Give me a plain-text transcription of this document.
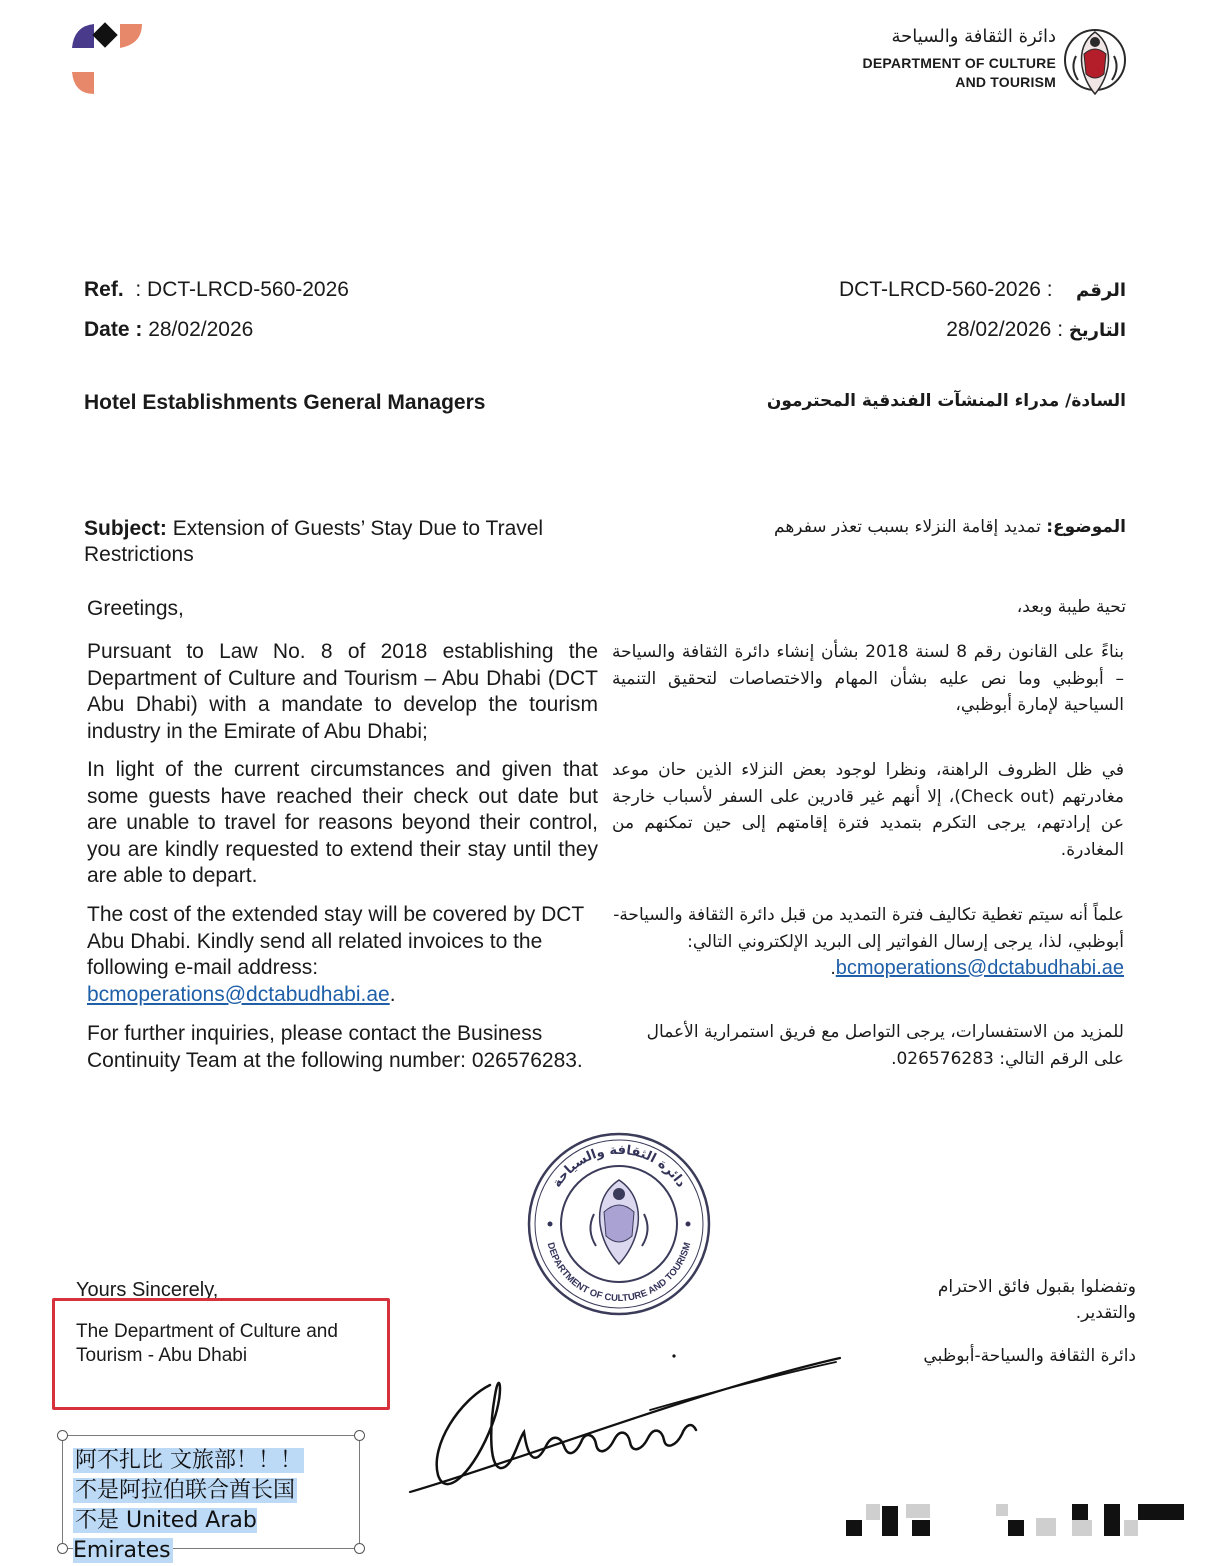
دائرة الثقافة والسياحة
DEPARTMENT OF CULTURE
AND TOURISM
Ref.  : DCT-LRCD-560-2026
Date : 28/02/2026
DCT-LRCD-560-2026 :    الرقم
28/02/2026 : التاريخ
Hotel Establishments General Managers	السادة/ مدراء المنشآت الفندقية المحترمون
Subject: Extension of Guests’ Stay Due to Travel Restrictions
الموضوع: تمديد إقامة النزلاء بسبب تعذر سفرهم
Greetings,	تحية طيبة وبعد،
Pursuant to Law No. 8 of 2018 establishing the Department of Culture and Tourism – Abu Dhabi (DCT Abu Dhabi) with a mandate to develop the tourism industry in the Emirate of Abu Dhabi;
بناءً على القانون رقم 8 لسنة 2018 بشأن إنشاء دائرة الثقافة والسياحة – أبوظبي وما نص عليه بشأن المهام والاختصاصات لتحقيق التنمية السياحية لإمارة أبوظبي،
In light of the current circumstances and given that some guests have reached their check out date but are unable to travel for reasons beyond their control, you are kindly requested to extend their stay until they are able to depart.
في ظل الظروف الراهنة، ونظرا لوجود بعض النزلاء الذين حان موعد مغادرتهم (Check out)، إلا أنهم غير قادرين على السفر لأسباب خارجة عن إرادتهم، يرجى التكرم بتمديد فترة إقامتهم إلى حين تمكنهم من المغادرة.
The cost of the extended stay will be covered by DCT Abu Dhabi. Kindly send all related invoices to the following e-mail address: bcmoperations@dctabudhabi.ae.
علماً أنه سيتم تغطية تكاليف فترة التمديد من قبل دائرة الثقافة والسياحة-أبوظبي، لذا، يرجى إرسال الفواتير إلى البريد الإلكتروني التالي: bcmoperations@dctabudhabi.ae.
For further inquiries, please contact the Business Continuity Team at the following number: 026576283.
للمزيد من الاستفسارات، يرجى التواصل مع فريق استمرارية الأعمال على الرقم التالي: 026576283.
دائرة الثقافة والسياحة
DEPARTMENT OF CULTURE AND TOURISM
Yours Sincerely,
The Department of Culture and Tourism - Abu Dhabi
وتفضلوا بقبول فائق الاحترام
والتقدير.
دائرة الثقافة والسياحة-أبوظبي
阿不扎比 文旅部！！！
不是阿拉伯联合酋长国
不是 United Arab Emirates
